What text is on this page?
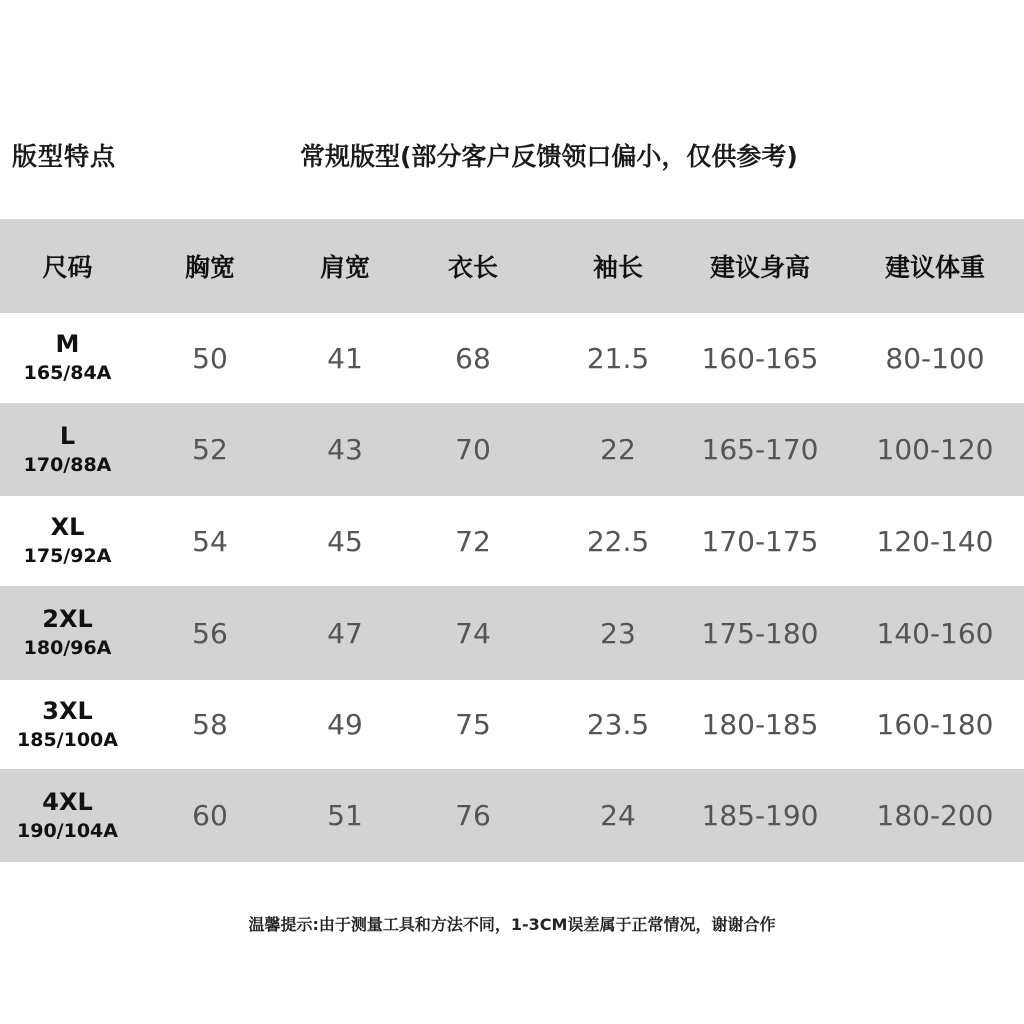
版型特点	常规版型(部分客户反馈领口偏小，仅供参考)
尺码	胸宽	肩宽	衣长	袖长	建议身高	建议体重
M
165/84A	50	41	68	21.5	160-165	80-100
L
170/88A	52	43	70	22	165-170	100-120
XL
175/92A	54	45	72	22.5	170-175	120-140
2XL
180/96A	56	47	74	23	175-180	140-160
3XL
185/100A	58	49	75	23.5	180-185	160-180
4XL
190/104A	60	51	76	24	185-190	180-200
温馨提示:由于测量工具和方法不同，1-3CM误差属于正常情况，谢谢合作
